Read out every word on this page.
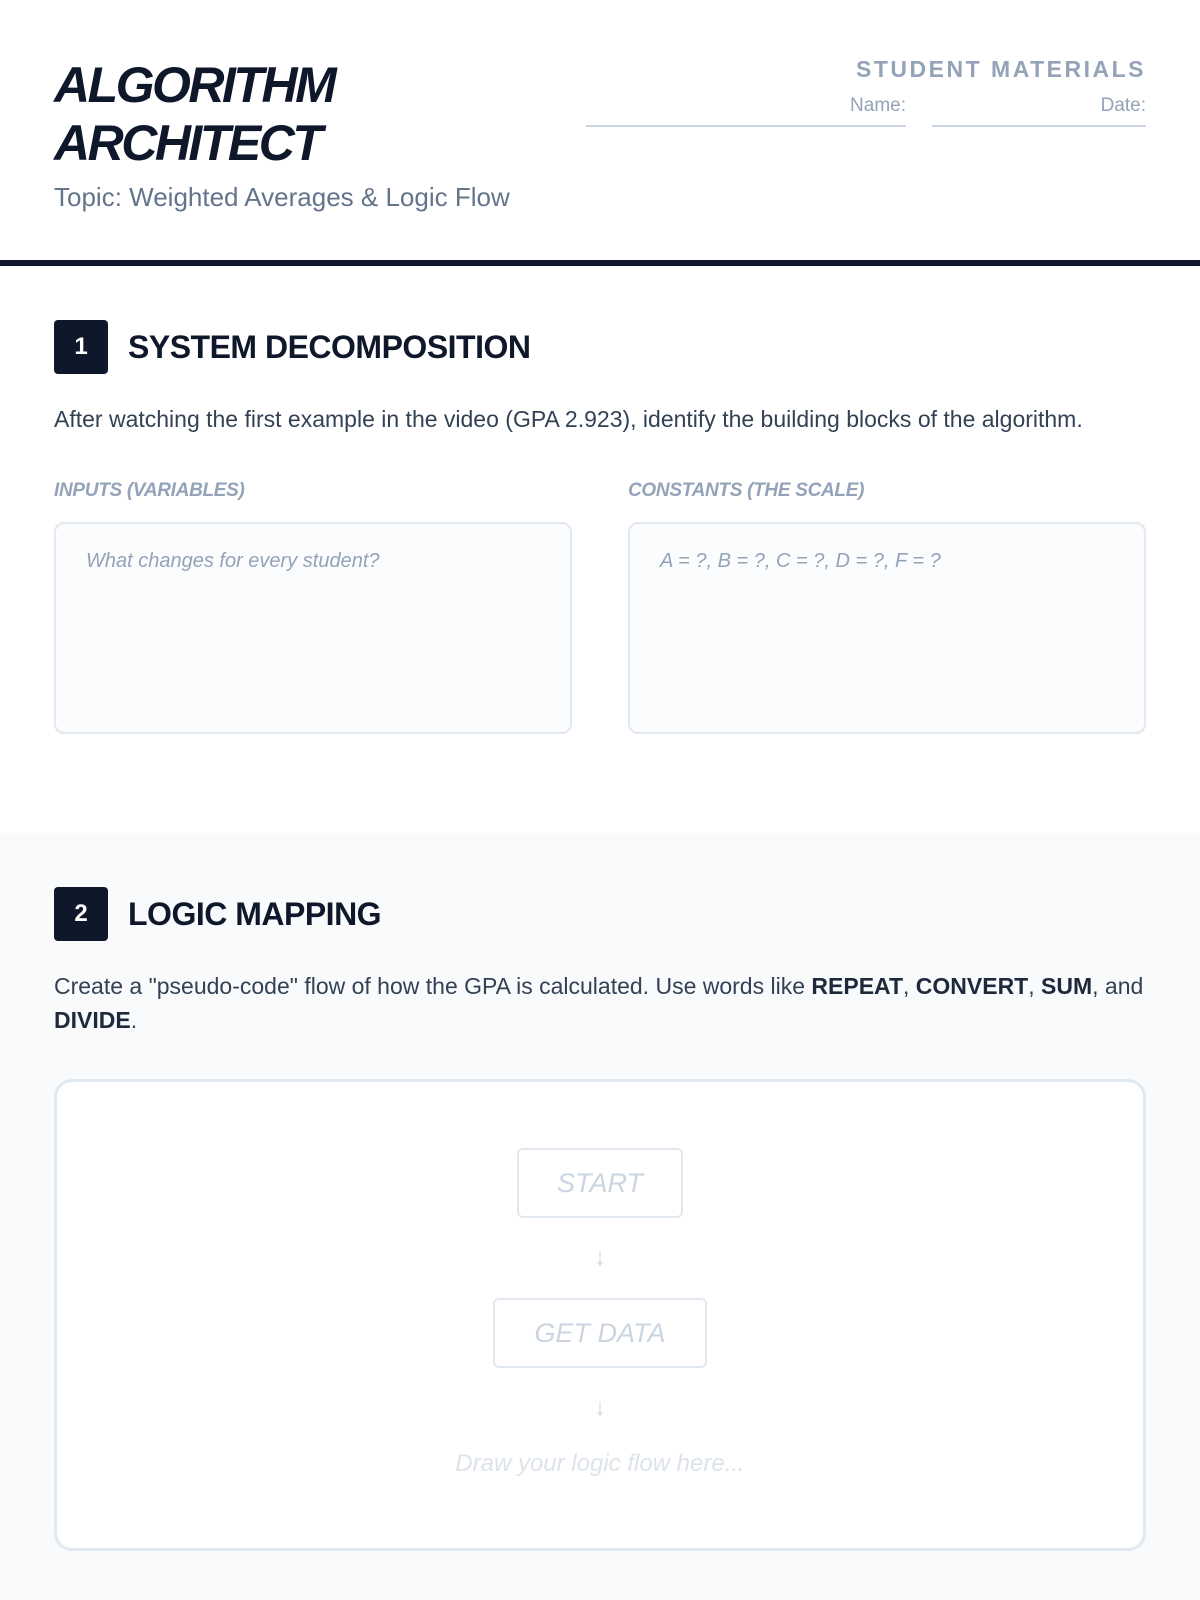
ALGORITHM
ARCHITECT
Topic: Weighted Averages & Logic Flow
STUDENT MATERIALS
Name:	Date:
1	SYSTEM DECOMPOSITION

After watching the first example in the video (GPA 2.923), identify the building blocks of the algorithm.

INPUTS (VARIABLES)
What changes for every student?
CONSTANTS (THE SCALE)
A = ?, B = ?, C = ?, D = ?, F = ?
2	LOGIC MAPPING

Create a "pseudo-code" flow of how the GPA is calculated. Use words like REPEAT, CONVERT, SUM, and DIVIDE.

START
↓
GET DATA
↓
Draw your logic flow here...
